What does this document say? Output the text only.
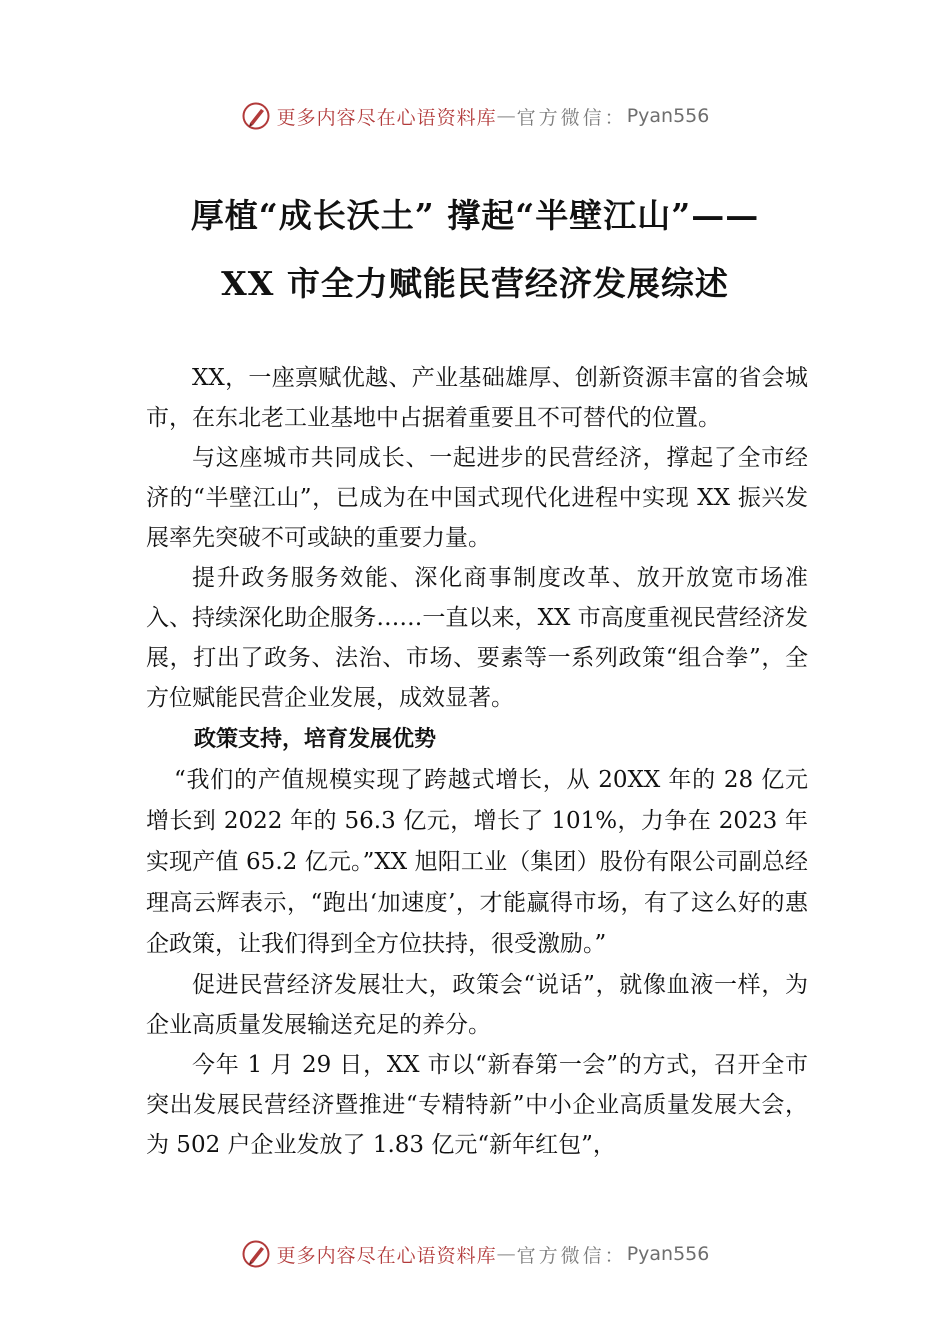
更多内容尽在心语资料库 — 官方微信： Pyan556
厚植“成长沃土” 撑起“半壁江山”——
XX 市全力赋能民营经济发展综述

XX，一座禀赋优越、产业基础雄厚、创新资源丰富的省会城市，在东北老工业基地中占据着重要且不可替代的位置。

与这座城市共同成长、一起进步的民营经济，撑起了全市经济的“半壁江山”，已成为在中国式现代化进程中实现 XX 振兴发展率先突破不可或缺的重要力量。

提升政务服务效能、深化商事制度改革、放开放宽市场准入、持续深化助企服务……一直以来，XX 市高度重视民营经济发展，打出了政务、法治、市场、要素等一系列政策“组合拳”，全方位赋能民营企业发展，成效显著。

政策支持，培育发展优势

“我们的产值规模实现了跨越式增长，从 20XX 年的 28 亿元增长到 2022 年的 56.3 亿元，增长了 101%，力争在 2023 年实现产值 65.2 亿元。”XX 旭阳工业（集团）股份有限公司副总经理高云辉表示，“跑出‘加速度’，才能赢得市场，有了这么好的惠企政策，让我们得到全方位扶持，很受激励。”

促进民营经济发展壮大，政策会“说话”，就像血液一样，为企业高质量发展输送充足的养分。

今年 1 月 29 日，XX 市以“新春第一会”的方式，召开全市突出发展民营经济暨推进“专精特新”中小企业高质量发展大会，为 502 户企业发放了 1.83 亿元“新年红包”，

更多内容尽在心语资料库 — 官方微信： Pyan556
